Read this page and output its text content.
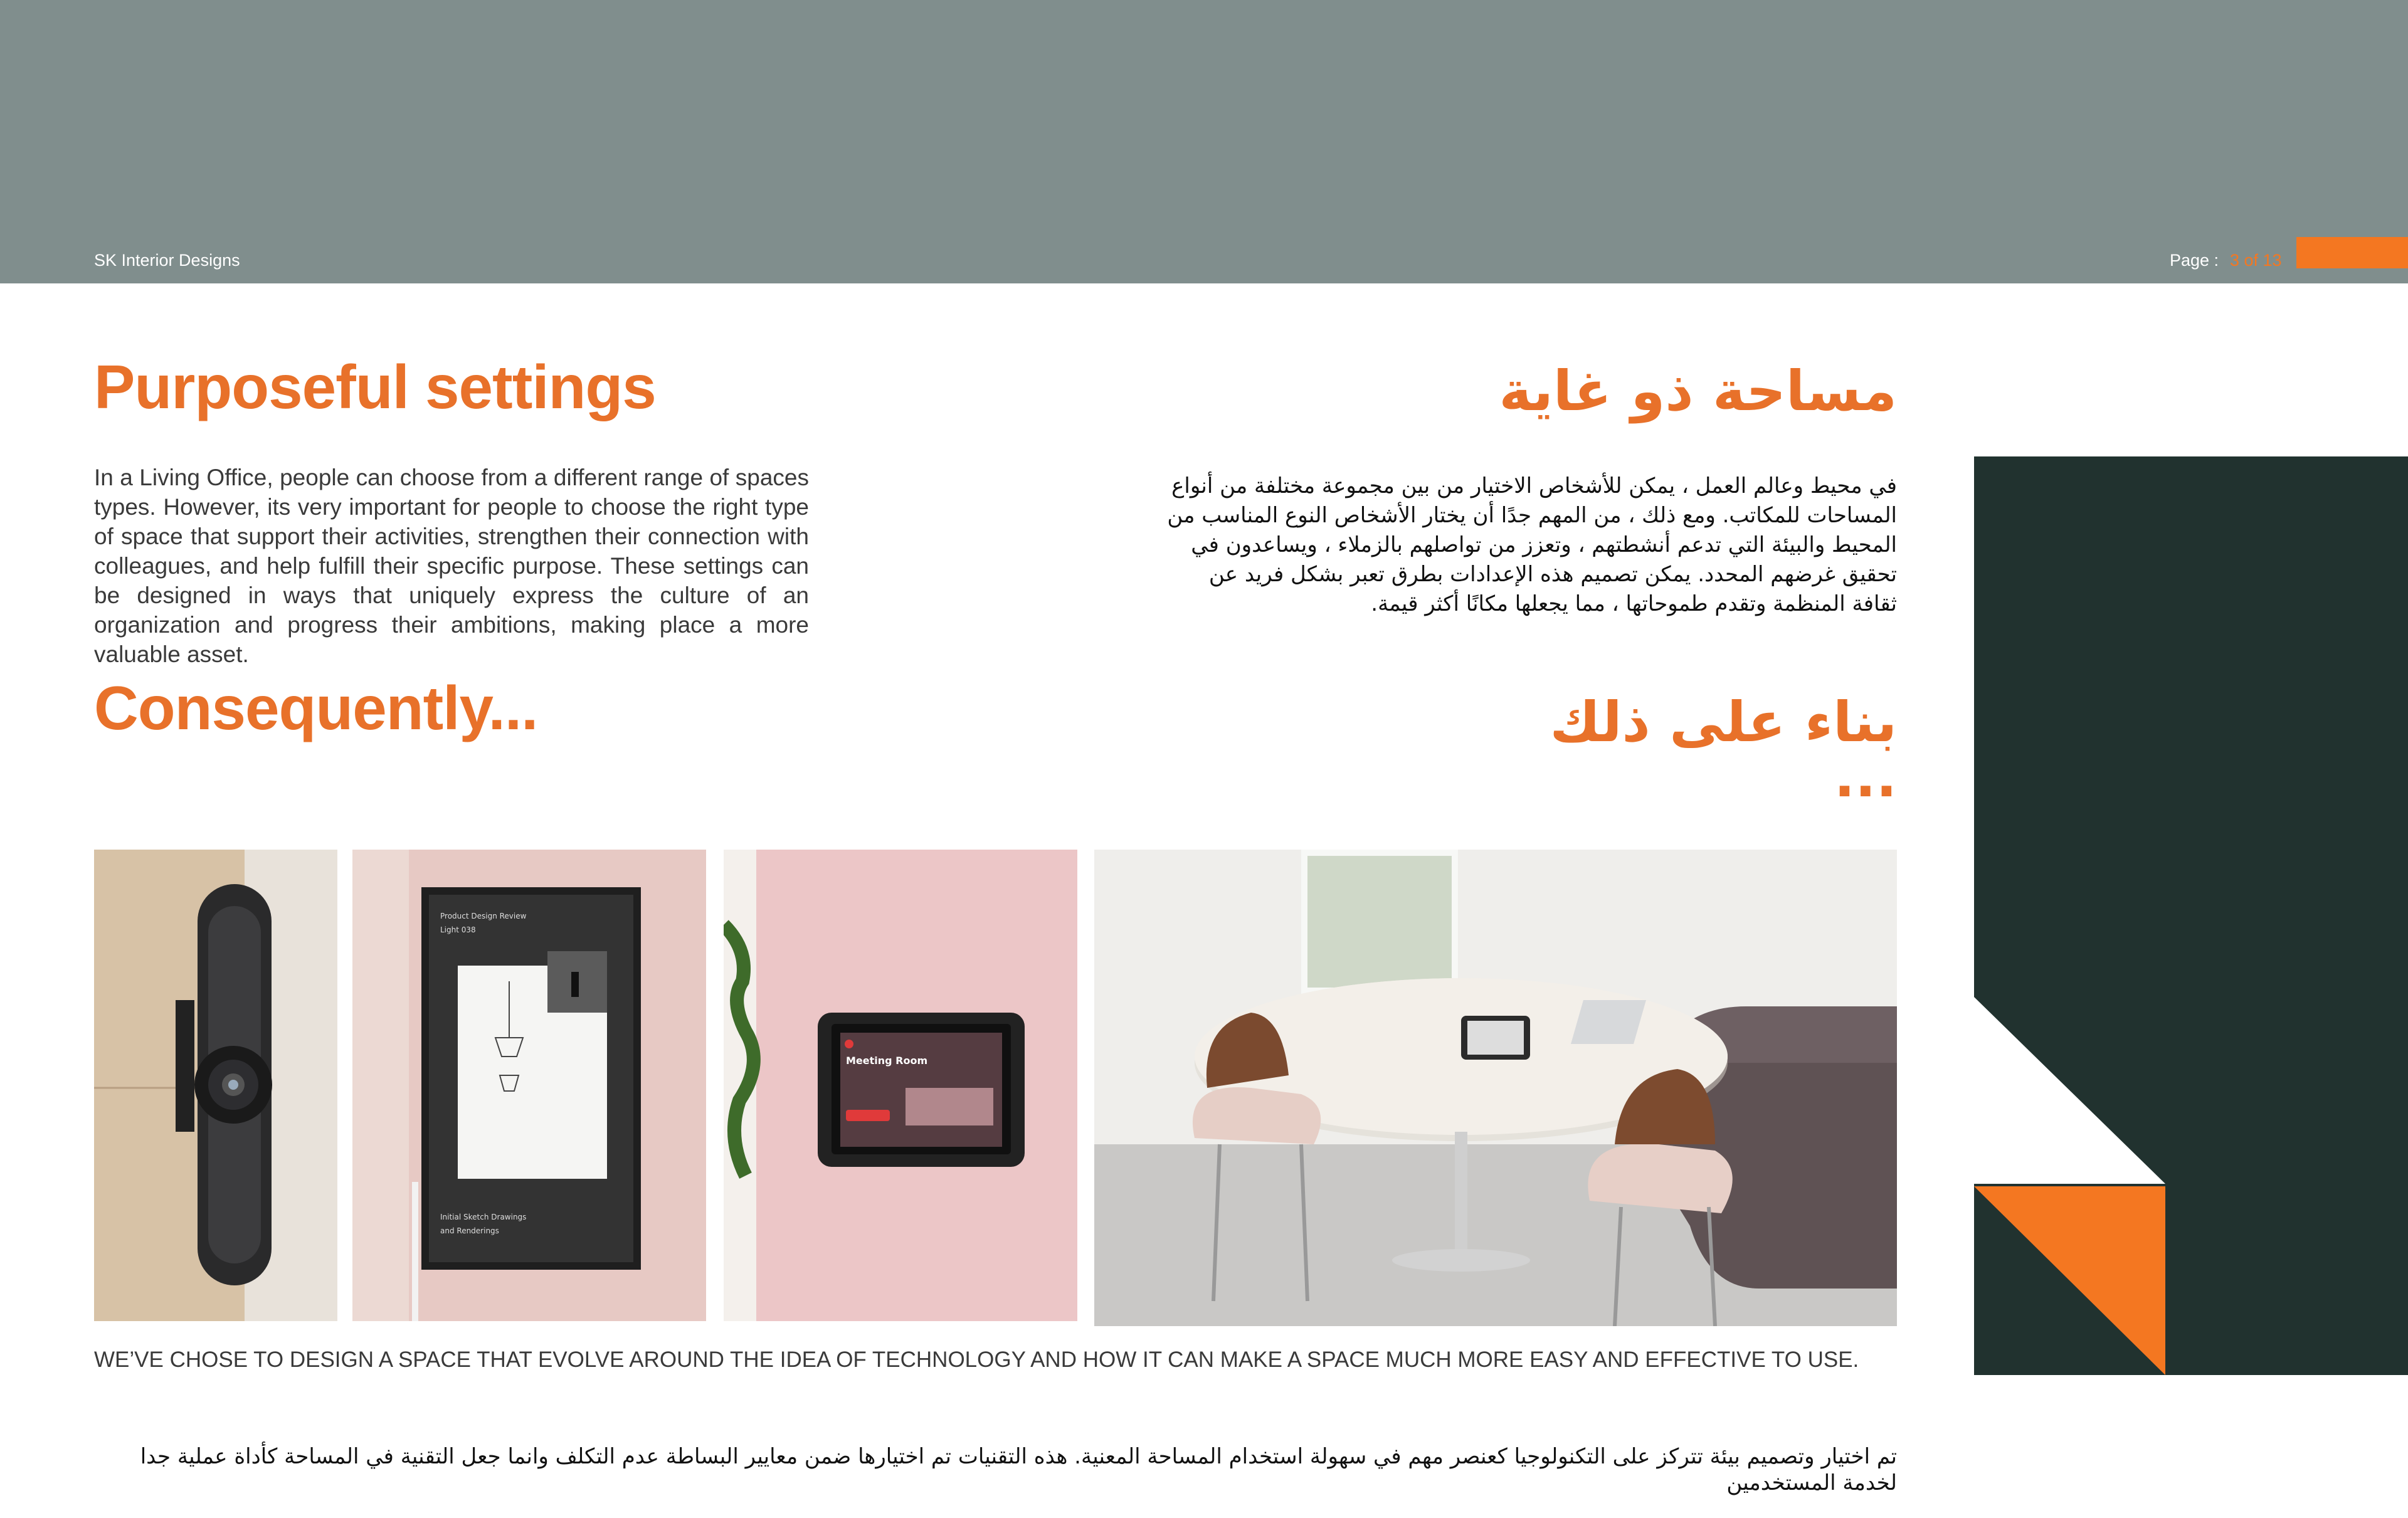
SK Interior Designs	Page : 3 of 13
Purposeful settings
In a Living Office, people can choose from a different range of spaces types. However, its very important for people to choose the right type of space that support their activities, strengthen their connection with colleagues, and help fulfill their specific purpose. These settings can be designed in ways that uniquely express the culture of an organization and progress their ambitions, making place a more valuable asset.
Consequently...
مساحة ذو غاية
في محيط وعالم العمل ، يمكن للأشخاص الاختيار من بين مجموعة مختلفة من أنواع المساحات للمكاتب. ومع ذلك ، من المهم جدًا أن يختار الأشخاص النوع المناسب من المحيط والبيئة التي تدعم أنشطتهم ، وتعزز من تواصلهم بالزملاء ، ويساعدون في تحقيق غرضهم المحدد. يمكن تصميم هذه الإعدادات بطرق تعبر بشكل فريد عن ثقافة المنظمة وتقدم طموحاتها ، مما يجعلها مكانًا أكثر قيمة.
بناء على ذلك ...
Product Design Review
Light 038
Initial Sketch Drawings
and Renderings
Meeting Room
WE’VE CHOSE TO DESIGN A SPACE THAT EVOLVE AROUND THE IDEA OF TECHNOLOGY AND HOW IT CAN MAKE A SPACE MUCH MORE EASY AND EFFECTIVE TO USE.
تم اختيار وتصميم بيئة تتركز على التكنولوجيا كعنصر مهم في سهولة استخدام المساحة المعنية. هذه التقنيات تم اختيارها ضمن معايير البساطة عدم التكلف وانما جعل التقنية في المساحة كأداة عملية جدا لخدمة المستخدمين
